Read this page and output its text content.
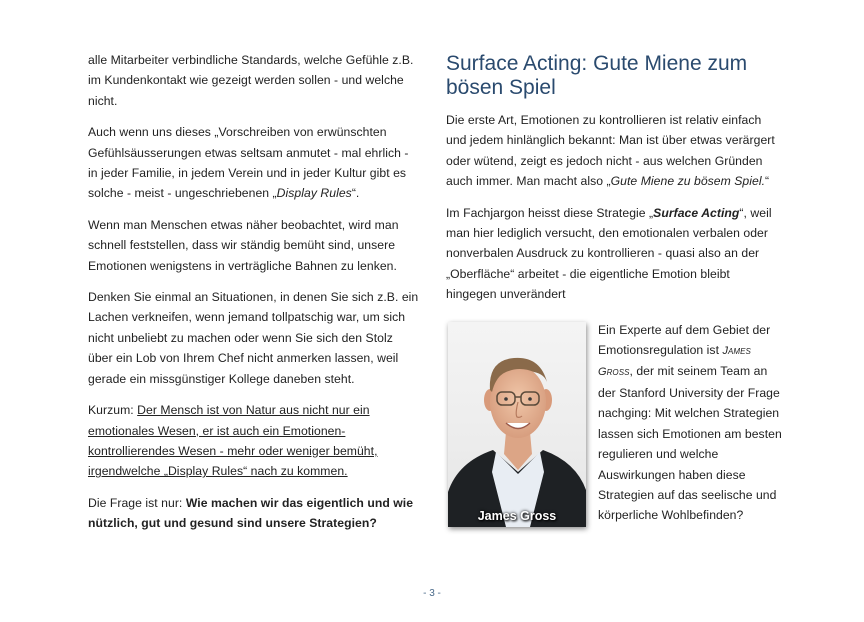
alle Mitarbeiter verbindliche Standards, welche Gefühle z.B. im Kundenkontakt wie gezeigt werden sollen - und welche nicht.

Auch wenn uns dieses „Vorschreiben von erwünschten Gefühlsäusserungen etwas seltsam anmutet - mal ehrlich - in jeder Familie, in jedem Verein und in jeder Kultur gibt es solche - meist - ungeschriebenen „Display Rules“.

Wenn man Menschen etwas näher beobachtet, wird man schnell feststellen, dass wir ständig bemüht sind, unsere Emotionen wenigstens in verträgliche Bahnen zu lenken.

Denken Sie einmal an Situationen, in denen Sie sich z.B. ein Lachen verkneifen, wenn jemand tollpatschig war, um sich nicht unbeliebt zu machen oder wenn Sie sich den Stolz über ein Lob von Ihrem Chef nicht anmerken lassen, weil gerade ein missgünstiger Kollege daneben steht.

Kurzum: Der Mensch ist von Natur aus nicht nur ein emotionales Wesen, er ist auch ein Emotionen-kontrollierendes Wesen - mehr oder weniger bemüht, irgendwelche „Display Rules“ nach zu kommen.

Die Frage ist nur: Wie machen wir das eigentlich und wie nützlich, gut und gesund sind unsere Strategien?

Surface Acting: Gute Miene zum bösen Spiel

Die erste Art, Emotionen zu kontrollieren ist relativ einfach und jedem hinlänglich bekannt: Man ist über etwas verärgert oder wütend, zeigt es jedoch nicht - aus welchen Gründen auch immer. Man macht also „Gute Miene zu bösem Spiel.“

Im Fachjargon heisst diese Strategie „Surface Acting“, weil man hier lediglich versucht, den emotionalen verbalen oder nonverbalen Ausdruck zu kontrollieren - quasi also an der „Oberfläche“ arbeitet - die eigentliche Emotion bleibt hingegen unverändert

James Gross

Ein Experte auf dem Gebiet der Emotionsregulation ist James Gross, der mit seinem Team an der Stanford University der Frage nachging: Mit welchen Strategien lassen sich Emotionen am besten regulieren und welche Auswirkungen haben diese Strategien auf das seelische und körperliche Wohlbefinden?

- 3 -
